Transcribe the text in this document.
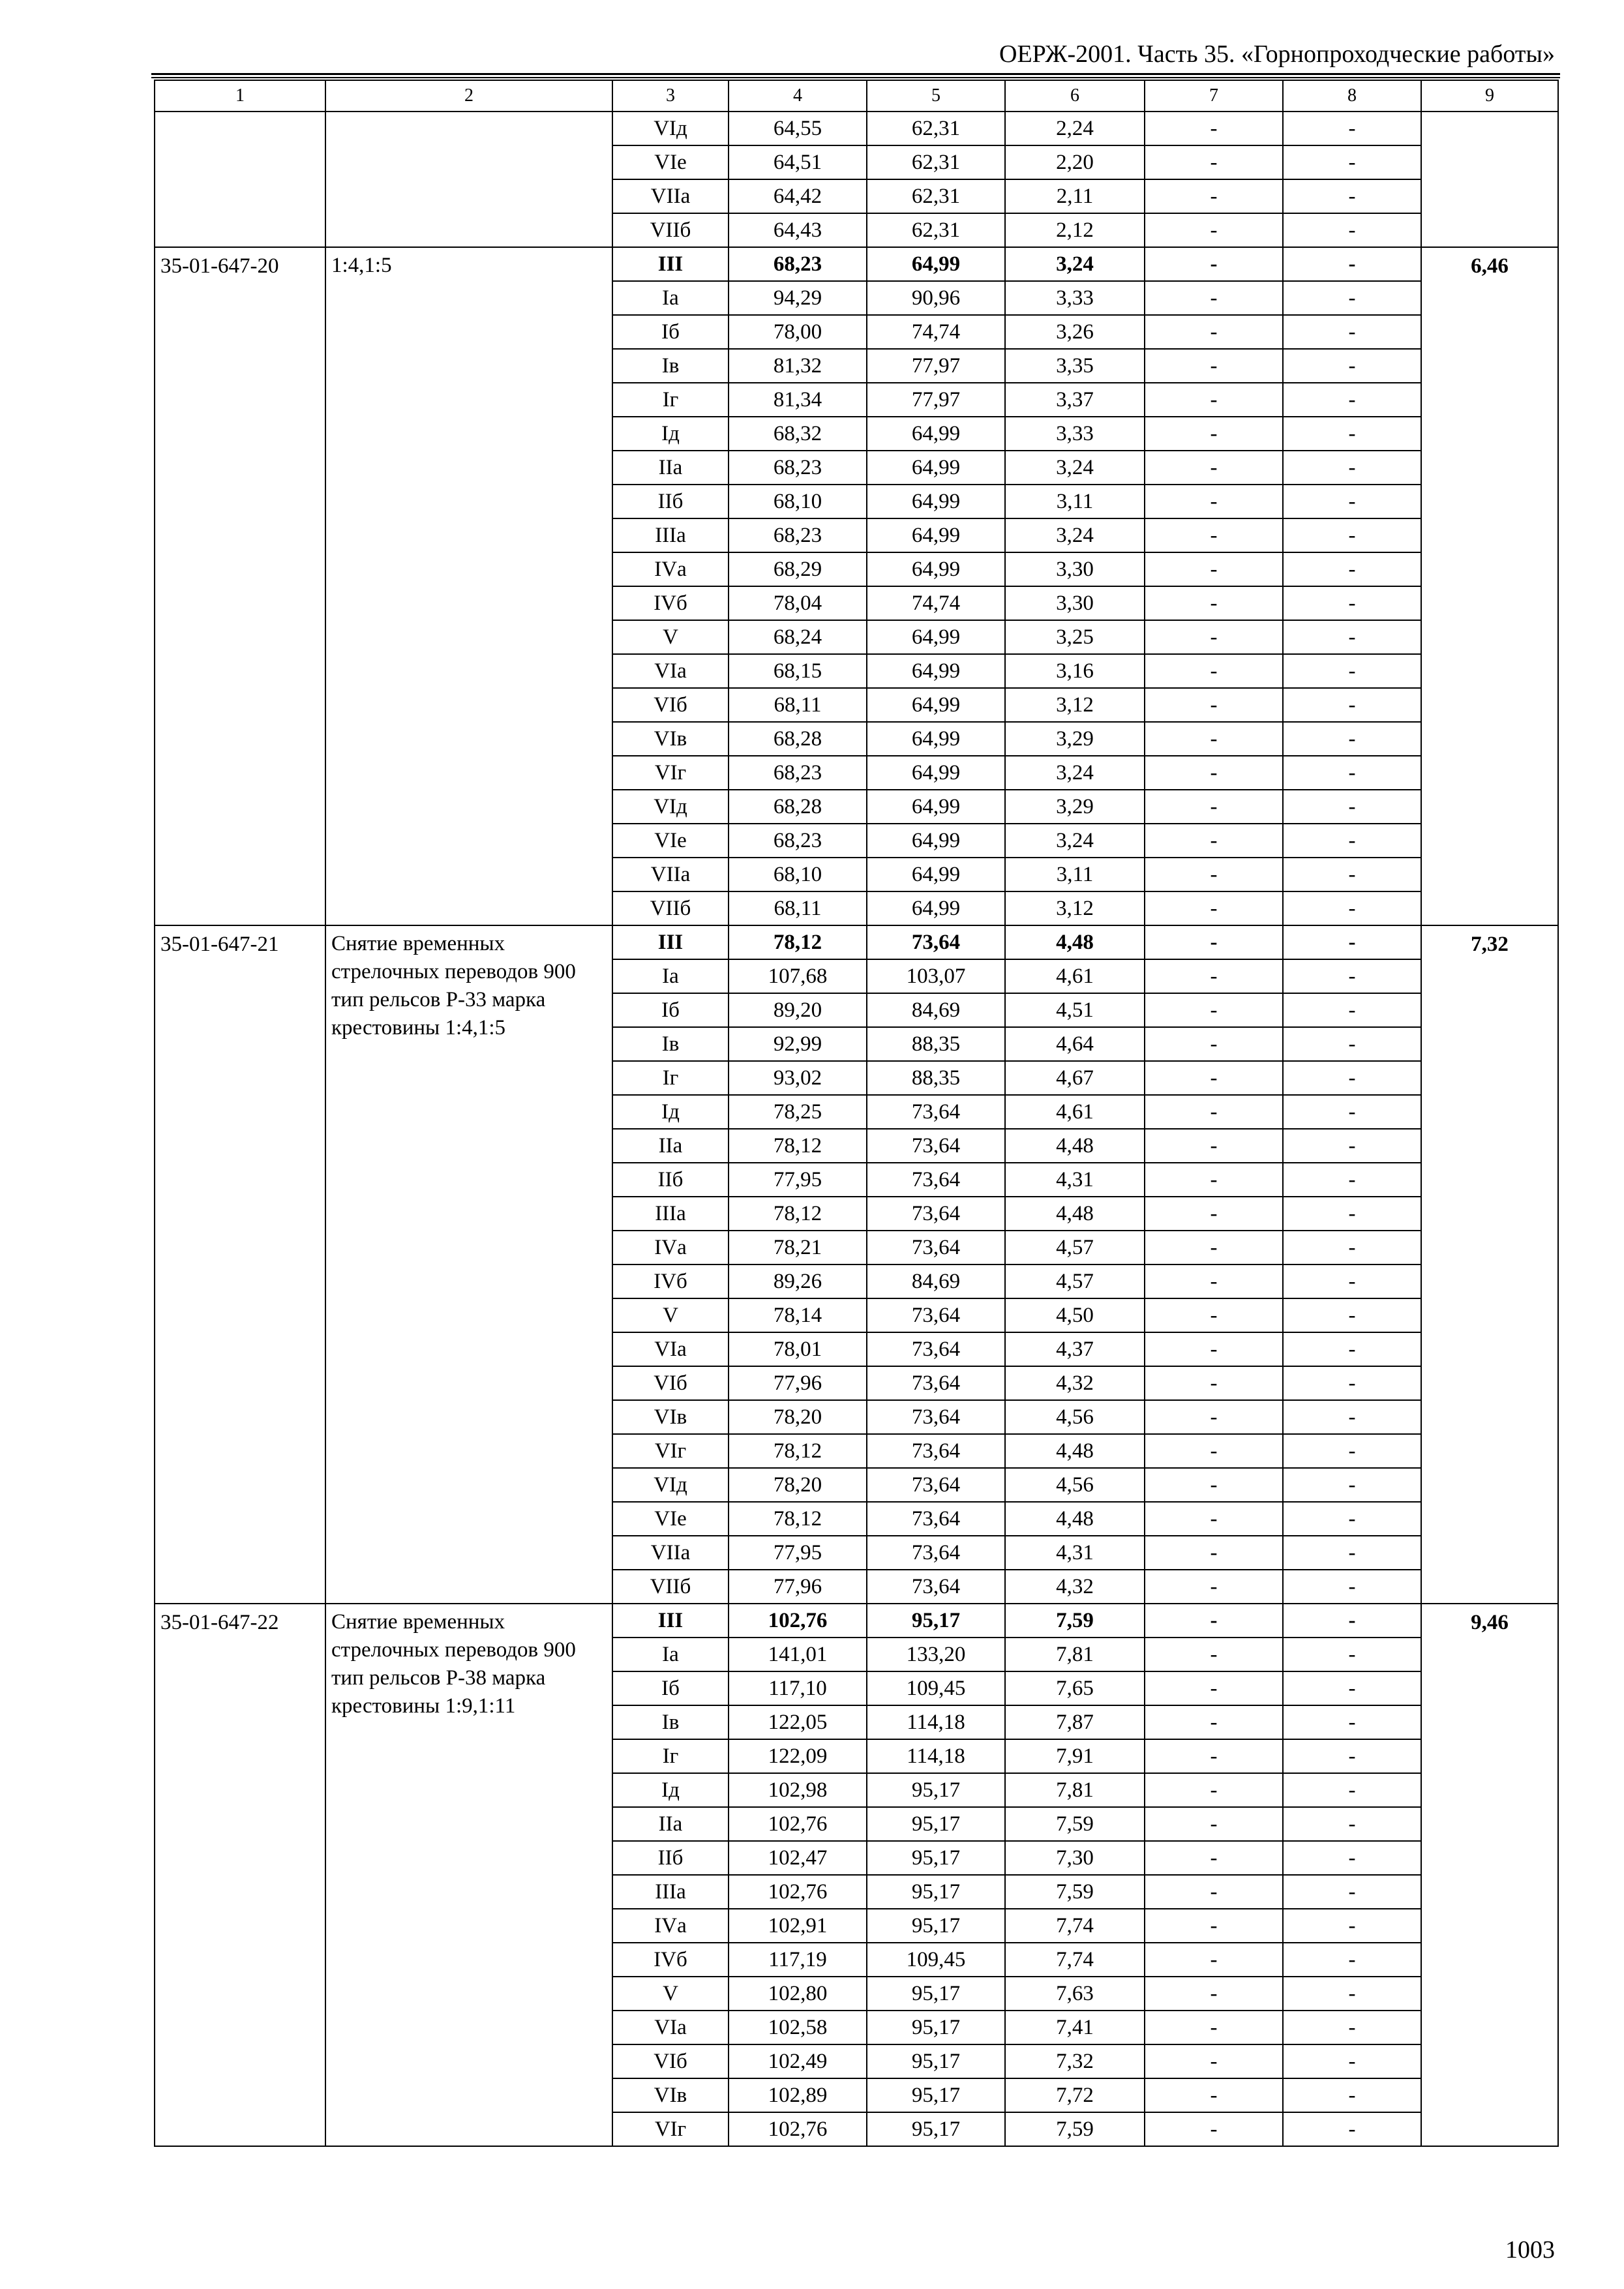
ОЕРЖ-2001. Часть 35. «Горнопроходческие работы»
1	2	3	4	5	6	7	8	9
		VIд	64,55	62,31	2,24	-	-	
		VIе	64,51	62,31	2,20	-	-	
		VIIа	64,42	62,31	2,11	-	-	
		VIIб	64,43	62,31	2,12	-	-	
35-01-647-20	1:4,1:5	III	68,23	64,99	3,24	-	-	6,46
		Iа	94,29	90,96	3,33	-	-	
		Iб	78,00	74,74	3,26	-	-	
		Iв	81,32	77,97	3,35	-	-	
		Iг	81,34	77,97	3,37	-	-	
		Iд	68,32	64,99	3,33	-	-	
		IIа	68,23	64,99	3,24	-	-	
		IIб	68,10	64,99	3,11	-	-	
		IIIа	68,23	64,99	3,24	-	-	
		IVа	68,29	64,99	3,30	-	-	
		IVб	78,04	74,74	3,30	-	-	
		V	68,24	64,99	3,25	-	-	
		VIа	68,15	64,99	3,16	-	-	
		VIб	68,11	64,99	3,12	-	-	
		VIв	68,28	64,99	3,29	-	-	
		VIг	68,23	64,99	3,24	-	-	
		VIд	68,28	64,99	3,29	-	-	
		VIе	68,23	64,99	3,24	-	-	
		VIIа	68,10	64,99	3,11	-	-	
		VIIб	68,11	64,99	3,12	-	-	
35-01-647-21	Снятие временных стрелочных переводов 900 тип рельсов Р-33 марка крестовины 1:4,1:5	III	78,12	73,64	4,48	-	-	7,32
		Iа	107,68	103,07	4,61	-	-	
		Iб	89,20	84,69	4,51	-	-	
		Iв	92,99	88,35	4,64	-	-	
		Iг	93,02	88,35	4,67	-	-	
		Iд	78,25	73,64	4,61	-	-	
		IIа	78,12	73,64	4,48	-	-	
		IIб	77,95	73,64	4,31	-	-	
		IIIа	78,12	73,64	4,48	-	-	
		IVа	78,21	73,64	4,57	-	-	
		IVб	89,26	84,69	4,57	-	-	
		V	78,14	73,64	4,50	-	-	
		VIа	78,01	73,64	4,37	-	-	
		VIб	77,96	73,64	4,32	-	-	
		VIв	78,20	73,64	4,56	-	-	
		VIг	78,12	73,64	4,48	-	-	
		VIд	78,20	73,64	4,56	-	-	
		VIе	78,12	73,64	4,48	-	-	
		VIIа	77,95	73,64	4,31	-	-	
		VIIб	77,96	73,64	4,32	-	-	
35-01-647-22	Снятие временных стрелочных переводов 900 тип рельсов Р-38 марка крестовины 1:9,1:11	III	102,76	95,17	7,59	-	-	9,46
		Iа	141,01	133,20	7,81	-	-	
		Iб	117,10	109,45	7,65	-	-	
		Iв	122,05	114,18	7,87	-	-	
		Iг	122,09	114,18	7,91	-	-	
		Iд	102,98	95,17	7,81	-	-	
		IIа	102,76	95,17	7,59	-	-	
		IIб	102,47	95,17	7,30	-	-	
		IIIа	102,76	95,17	7,59	-	-	
		IVа	102,91	95,17	7,74	-	-	
		IVб	117,19	109,45	7,74	-	-	
		V	102,80	95,17	7,63	-	-	
		VIа	102,58	95,17	7,41	-	-	
		VIб	102,49	95,17	7,32	-	-	
		VIв	102,89	95,17	7,72	-	-	
		VIг	102,76	95,17	7,59	-	-	
1003
